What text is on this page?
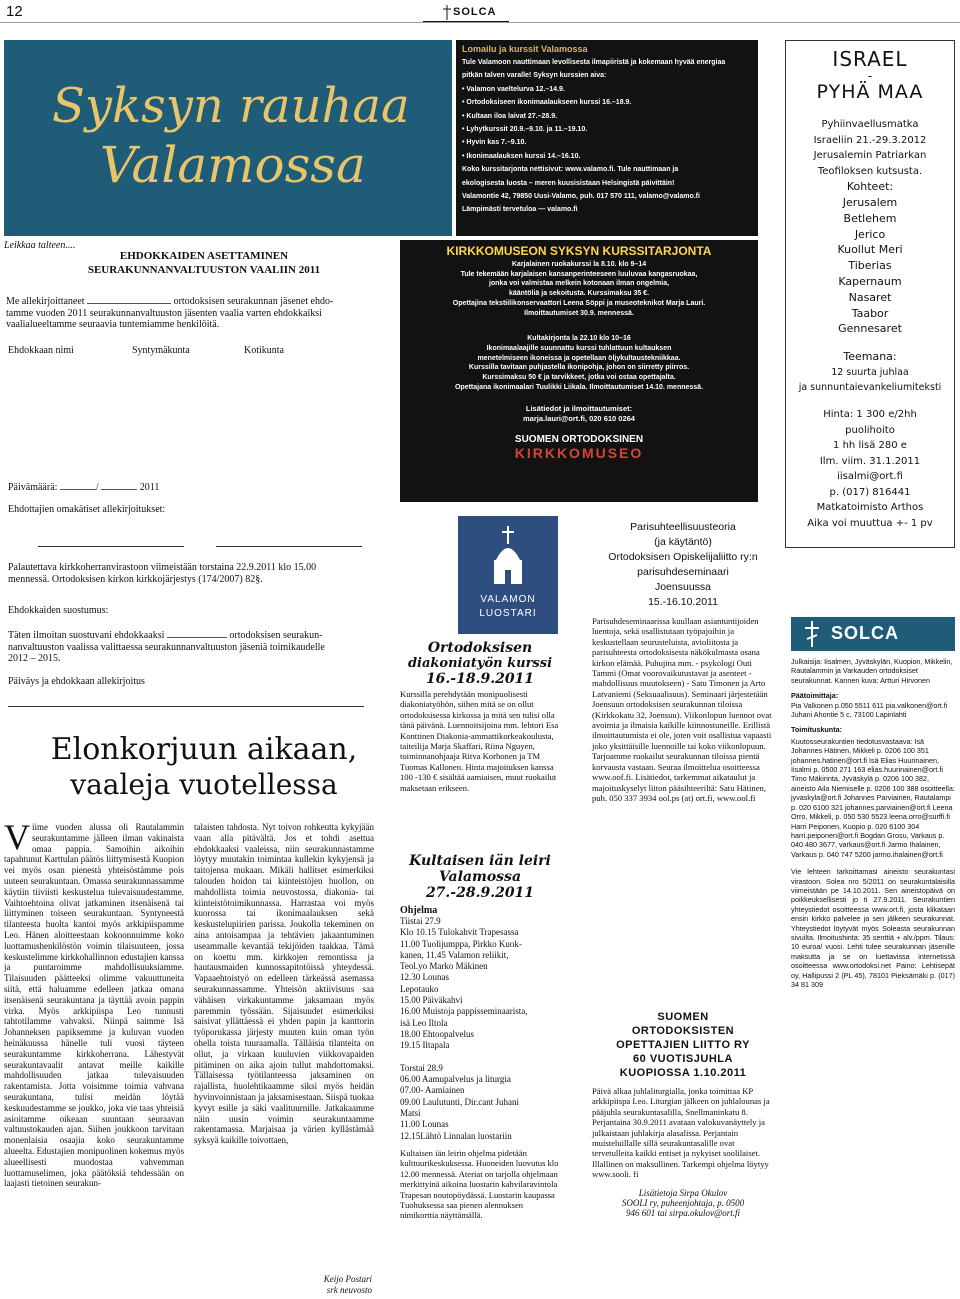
12	SOLCA
Syksyn rauhaa
Valamossa
Lomailu ja kurssit Valamossa
Tule Valamoon nauttimaan levollisesta ilmapiiristä ja kokemaan hyvää energiaa
pitkän talven varalle! Syksyn kurssien aiva:
• Valamon vaeltelurva 12.–14.9.
• Ortodoksiseen ikonimaalaukseen kurssi 16.–18.9.
• Kultaan iloa laivat 27.–28.9.
• Lyhytkurssit 20.9.–9.10. ja 11.–19.10.
• Hyvin kas 7.–9.10.
• Ikonimaalauksen kurssi 14.–16.10.
Koko kurssitarjonta nettisivut: www.valamo.fi. Tule nauttimaan ja
ekologisesta luosta – meren kuusisistaan Helsingistä päivittäin!
Valamontie 42, 79850 Uusi-Valamo, puh. 017 570 111, valamo@valamo.fi
Lämpimästi tervetuloa — valamo.fi
ISRAEL
-
PYHÄ MAA
Pyhiinvaellusmatka
Israeliin 21.-29.3.2012
Jerusalemin Patriarkan
Teofiloksen kutsusta.
Kohteet:
Jerusalem
Betlehem
Jerico
Kuollut Meri
Tiberias
Kapernaum
Nasaret
Taabor
Gennesaret
Teemana:
12 suurta juhlaa
ja sunnuntaievankeliumiteksti
Hinta: 1 300 e/2hh
puolihoito
1 hh lisä 280 e
Ilm. viim. 31.1.2011
iisalmi@ort.fi
p. (017) 816441
Matkatoimisto Arthos
Aika voi muuttua +- 1 pv
Leikkaa talteen....
EHDOKKAIDEN ASETTAMINEN
SEURAKUNNANVALTUUSTON VAALIIN 2011
Me allekirjoittaneet	ortodoksisen seurakunnan jäsenet ehdo-
tamme vuoden 2011 seurakunnanvaltuuston jäsenten vaalia varten ehdokkaiksi
vaalialueeltamme seuraavia tuntemiamme henkilöitä.
Ehdokkaan nimi	Syntymäkunta	Kotikunta
Päivämäärä:	/	2011
Ehdottajien omakätiset allekirjoitukset:
Palautettava kirkkoherranvirastoon viimeistään torstaina 22.9.2011 klo 15.00
mennessä. Ortodoksisen kirkon kirkkojärjestys (174/2007) 82§.
Ehdokkaiden suostumus:
Täten ilmoitan suostuvani ehdokkaaksi	ortodoksisen seurakun-
nanvaltuuston vaalissa valittaessa seurakunnanvaltuuston jäseniä toimikaudelle
2012 – 2015.
Päiväys ja ehdokkaan allekirjoitus
KIRKKOMUSEON SYKSYN KURSSITARJONTA
Karjalainen ruokakurssi la 8.10. klo 9–14
Tule tekemään karjalaisen kansanperinteeseen luuluvaa kangasruokaa,
jonka voi valmistaa melkein kotonaan ilman ongelmia,
kääntöliä ja sekoitusta. Kurssimaksu 35 €.
Opettajina tekstiilikonservaattori Leena Söppi ja museoteknikot Marja Lauri.
Ilmoittautumiset 30.9. mennessä.
Kultakirjonta la 22.10 klo 10–16
Ikonimaalaajille suunnattu kurssi tuhlattuun kultauksen
menetelmiseen ikoneissa ja opetellaan öljykultaustekniikkaa.
Kurssilla tavitaan puhjastella ikonipohja, johon on siirretty piirros.
Kurssimaksu 50 € ja tarvikkeet, jotka voi ostaa opettajalta.
Opettajana ikonimaalari Tuulikki Liikala. Ilmoittautumiset 14.10. mennessä.
Lisätiedot ja ilmoittautumiset:
marja.lauri@ort.fi, 020 610 0264
SUOMEN ORTODOKSINEN
KIRKKOMUSEO
VALAMON
LUOSTARI
Ortodoksisen
diakoniatyön kurssi
16.-18.9.2011
Kurssilla perehdytään monipuolisesti diakoniatyöhön, siihen mitä se on ollut ortodoksisessa kirkossa ja mitä sen tulisi olla tänä päivänä. Luennoitsijoina mm. lehtori Esa Konttinen Diakonia-ammattikorkeakoulusta, taiteilija Marja Skaffari, Riina Nguyen, toiminnanohjaaja Ritva Korhonen ja TM Tuomas Kallonen. Hinta majoituksen kanssa 100 -130 € sisältää aamiaisen, muut ruokailut maksetaan erikseen.
Kultaisen iän leiri
Valamossa
27.-28.9.2011
Ohjelma
Tiistai 27.9
Klo 10.15 Tulokahvit Trapesassa
11.00 Tuolijumppa, Pirkko Kuok-
kanen, 11.45 Valamon reliikit,
Teol.yo Marko Mäkinen
12.30 Lounas
Lepotauko
15.00 Päiväkahvi
16.00 Muistoja pappisseminaarista,
isä Leo Iltola
18.00 Ehtoopalvelus
19.15 Iltapala

Torstai 28.9
06.00 Aamupalvelus ja liturgia
07.00- Aamiainen
09.00 Laulutunti, Dir.cant Juhani
Matsi
11.00 Lounas
12.15Lähtö Linnalan luostariin
Kultaisen iän leirin ohjelma pidetään kulttuurikeskuksessa. Huoneiden luovutus klo 12.00 mennessä. Ateriat on tarjolla ohjelmaan merkittyinä aikoina luostarin kahvilaravintola Trapesan noutopöydässä. Luostarin kaupassa Tuohuksessa saa pienen alennuksen nimikorttia näyttämällä.
Parisuhteellisuusteoria
(ja käytäntö)
Ortodoksisen Opiskelijaliitto ry:n
parisuhdeseminaari
Joensuussa
15.-16.10.2011
Parisuhdeseminaarissa kuullaan asiantuntijoiden luentoja, sekä osallistutaan työpajoihin ja keskustellaan seurusteluista, avioliitosta ja parisuhteesta ortodoksisesta näkökulmasta osana kirkon elämää. Puhujina mm. - psykologi Outi Tammi (Omat voorovaikutustavat ja asenteet - mahdollisuus muutokseen) - Satu Timonen ja Arto Latvaniemi (Seksuaalisuus). Seminaari järjestetään Joensuun ortodoksisen seurakunnan tiloissa (Kirkkokatu 32, Joensuu). Viikonlopun luennot ovat avoimia ja ilmaisia kaikille kiinnostuneille. Erillistä ilmoittautumista ei ole, joten voit osallistua vapaasti joko yksittäisille luennoille tai koko viikonlopuun. Tarjoamme ruokailut seurakunnan tiloissa pientä korvausta vastaan. Seuraa ilmoittelua osoitteessa www.oof.fi. Lisätiedot, tarkemmat aikataulut ja majoituskyselyt liiton pääsihteeriltä: Satu Hätinen, puh. 050 337 3934 ool.ps (at) ort.fi, www.ool.fi
SUOMEN
ORTODOKSISTEN
OPETTAJIEN LIITTO RY
60 VUOTISJUHLA
KUOPIOSSA 1.10.2011
Päivä alkaa juhlaliturgialla, jonka toimittaa KP arkkipiispa Leo. Liturgian jälkeen on juhlalounas ja pääjuhla seurakuntasalilla, Snellmaninkatu 8. Perjantaina 30.9.2011 avataan valokuvanäyttely ja julkaistaan juhlakirja alasalissa. Perjantain muisteluillalle sillä seurakuntasalille ovat tervetulleita kaikki entiset ja nykyiset soolilaiset. Illallinen on maksullinen. Tarkempi ohjelma löytyy www.sooli. fi
Lisätietoja Sirpa Okulov
SOOLI ry, puheenjohtaja, p. 0500
946 601 tai sirpa.okulov@ort.fi
Elonkorjuun aikaan,
vaaleja vuotellessa
Viime vuoden alussa oli Rautalammin seurakuntamme jälleen ilman vakinaista omaa pappia. Samoihin aikoihin tapahtunut Karttulan päätös liittymisestä Kuopion vei myös osan pienestä yhteisöstämme pois uuteen seurakuntaan. Omassa seurakunnassamme käytiin tiiviisti keskustelua tulevaisuudestamme. Vaihtoehtoina olivat jatkaminen itsenäisenä tai liittyminen toiseen seurakuntaan. Syntyneestä tilanteesta huolta kantoi myös arkkipiispamme Leo. Hänen aloitteestaan kokoonnuimme koko luottamushenkilöstön voimin tilaisuuteen, jossa keskustelimme kirkkohallinnon edustajien kanssa ja puntaroimme mahdollisuuksiamme. Tilaisuuden päätteeksi olimme vakuuttuneita siitä, että haluamme edelleen jatkaa omana itsenäisenä seurakuntana ja täyttää avoin pappin virka. Myös arkkipiispa Leo tunnusti tahtotilamme vahvaksi. Niinpä saimme Isä Johanneksen papiksemme ja kuluvan vuoden heinäkuussa hänelle tuli vuosi täyteen seurakuntamme kirkkoherrana. Lähestyvät seurakuntavaalit antavat meille kaikille mahdollisuuden jatkaa tulevaisuuden rakentamista. Jotta voisimme toimia vahvana seurakuntana, tulisi meidän löytää keskuudestamme se joukko, joka vie taas yhteisiä asioitamme oikeaan suuntaan seuraavan valtuustokauden ajan. Siihen joukkoon tarvitaan monenlaisia osaajia koko seurakuntamme alueelta. Edustajien monipuolinen kokemus myös alueellisesti muodostaa vahvemman luottamuselimen, joka päätöksiä tehdessään on laajasti tietoinen seurakun-
talaisten tahdosta. Nyt toivon rohkeutta kykyjään vaan alla pitävältä. Jos et tohdi asettua ehdokkaaksi vaaleissa, niin seurakunnastamme löytyy muutakin toimintaa kullekin kykyjensä ja taitojensa mukaan. Mikäli hallitset esimerkiksi talouden hoidon tai kiinteistöjen huollon, on mahdollista toimia neuvostossa, diakonia- tai kiinteistötoimikunnassa. Harrastaa voi myös kuorossa tai ikonimaalauksen sekä keskustelupiirien parissa. Joukolla tekeminen on aina antoisampaa ja tehtävien jakaantuminen useammalle kevantää tekijöiden taakkaa. Tämä on koettu mm. kirkkojen remontissa ja hautausmaiden kunnossapitotöissä yhteydessä. Vapaaehtoistyö on edelleen tärkeässä asemassa seurakunnassamme. Yhteisön aktiivisuus saa vähäisen virkakuntamme jaksamaan myös paremmin työssään. Sijaisuudet esimerkiksi saisivat yllättäessä ei yhden papin ja kanttorin työporukassa järjesty muuten kuin oman työn ohella toista tuuraamalla. Tälläisia tilanteita on ollut, ja virkaan kuuluvien viikkovapaiden pitäminen on aika ajoin tullut mahdottomaksi. Tällaisessa työtilanteessa jaksaminen on rajallista, huolehtikaamme siksi myös heidän hyvinvoinnistaan ja jaksamisestaan. Siispä tuokaa kyvyt esille ja säki vaalituurnille. Jatkakaamme näin uusin voimin seurakuntaamme rakentamassa. Marjaisaa ja värien kyllästämää syksyä kaikille toivottaen,
Keijo Postari
srk neuvosto
SOLCA
Julkaisija: Iisalmen, Jyväskylän, Kuopion, Mikkelin, Rautalammin ja Varkauden ortodoksiset seurakunnat. Kannen kuva: Artturi Hirvonen
Päätoimittaja:
Pia Valkonen p.050 5511 611 pia.valkonen@ort.fi Juhani Ahontie 5 c, 73100 Lapinlahti
Toimituskunta:
Kuutosseurakuntien tiedotusvastaava: Isä Johannes Hätinen, Mikkeli p. 0206 100 351 johannes.hatinen@ort.fi Isä Elias Huurinainen, Iisalmi p. 0500 271 163 elias.huurinainen@ort.fi Timo Mäkirinta, Jyväskylä p. 0206 100 382, aineisto Aila Niemiselle p. 0206 100 388 osoitteella: jyvaskyla@ort.fi Johannes Parviainen, Rautalampi p. 020 6100 321 johannes.parviainen@ort.fi Leena Orro, Mikkeli, p. 050 530 5523 leena.orro@surffi.fi Harri Peiponen, Kuopio p. 020 6100 304 harri.peiponen@ort.fi Bogdan Grosu, Varkaus p. 040 480 3677, varkaus@ort.fi Jarmo Ihalainen, Varkaus p. 040 747 5200 jarmo.ihalainen@ort.fi
Vie lehteen tarkoittamasi aineisto seurakuntasi virastoon. Solea nro 5/2011 on seurakuntalaisilla viimeistään pe 14.10.2011. Sen aineistopäivä on poikkeuksellisesti jo ti 27.9.2011. Seurakuntien yhteystiedot osoitteessa www.ort.fi, josta klikataan ensin kirkko palvelee ja sen jälkeen seurakunnat. Yhteystiedot löytyvät myös Soleasta seurakunnan sivuilta. Ilmoitushinta: 35 senttiä + alv./ppm. Tilaus: 10 euroa/ vuosi. Lehti tulee seurakunnan jäsenille maksutta ja se on luettavissa internetissä osoitteessa www.ortodoksi.net Paino: Lehtisepät oy, Hallipussi 2 (PL 45), 78101 Pieksämäki p. (017) 34 81 309
